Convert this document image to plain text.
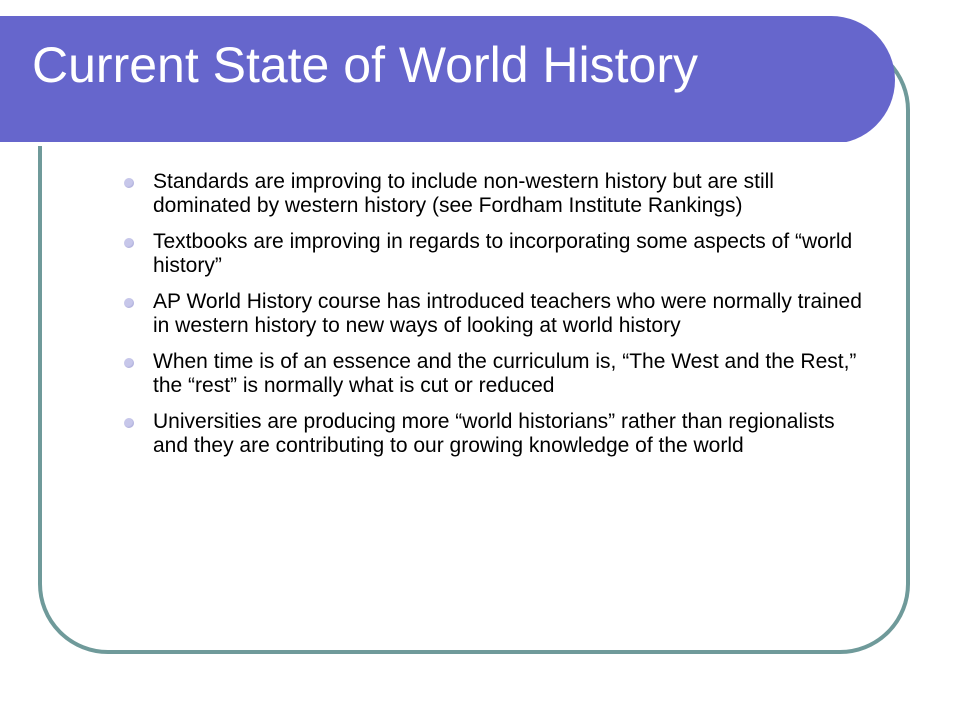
Current State of World History
Standards are improving to include non-western history but are still dominated by western history (see Fordham Institute Rankings)
Textbooks are improving in regards to incorporating some aspects of “world history”
AP World History course has introduced teachers who were normally trained in western history to new ways of looking at world history
When time is of an essence and the curriculum is, “The West and the Rest,” the “rest” is normally what is cut or reduced
Universities are producing more “world historians” rather than regionalists and they are contributing to our growing knowledge of the world
